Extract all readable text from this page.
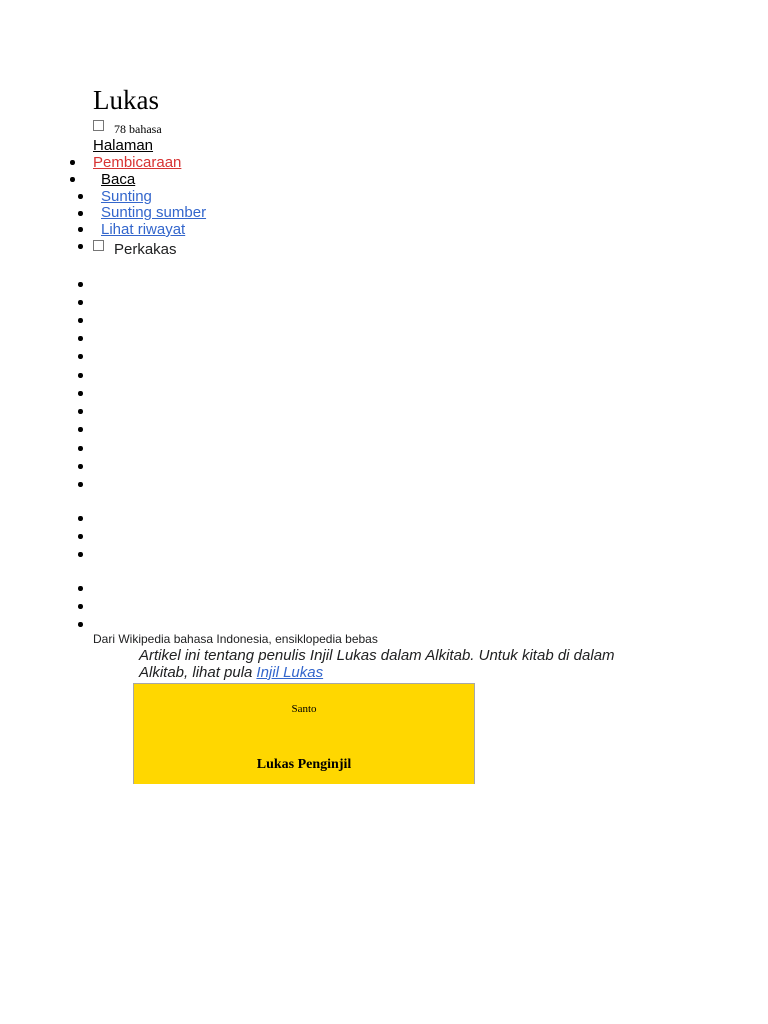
Lukas
78 bahasa
Halaman
Pembicaraan
Baca
Sunting
Sunting sumber
Lihat riwayat
Perkakas
Dari Wikipedia bahasa Indonesia, ensiklopedia bebas
Artikel ini tentang penulis Injil Lukas dalam Alkitab. Untuk kitab di dalam Alkitab, lihat pula Injil Lukas
Santo
Lukas Penginjil
